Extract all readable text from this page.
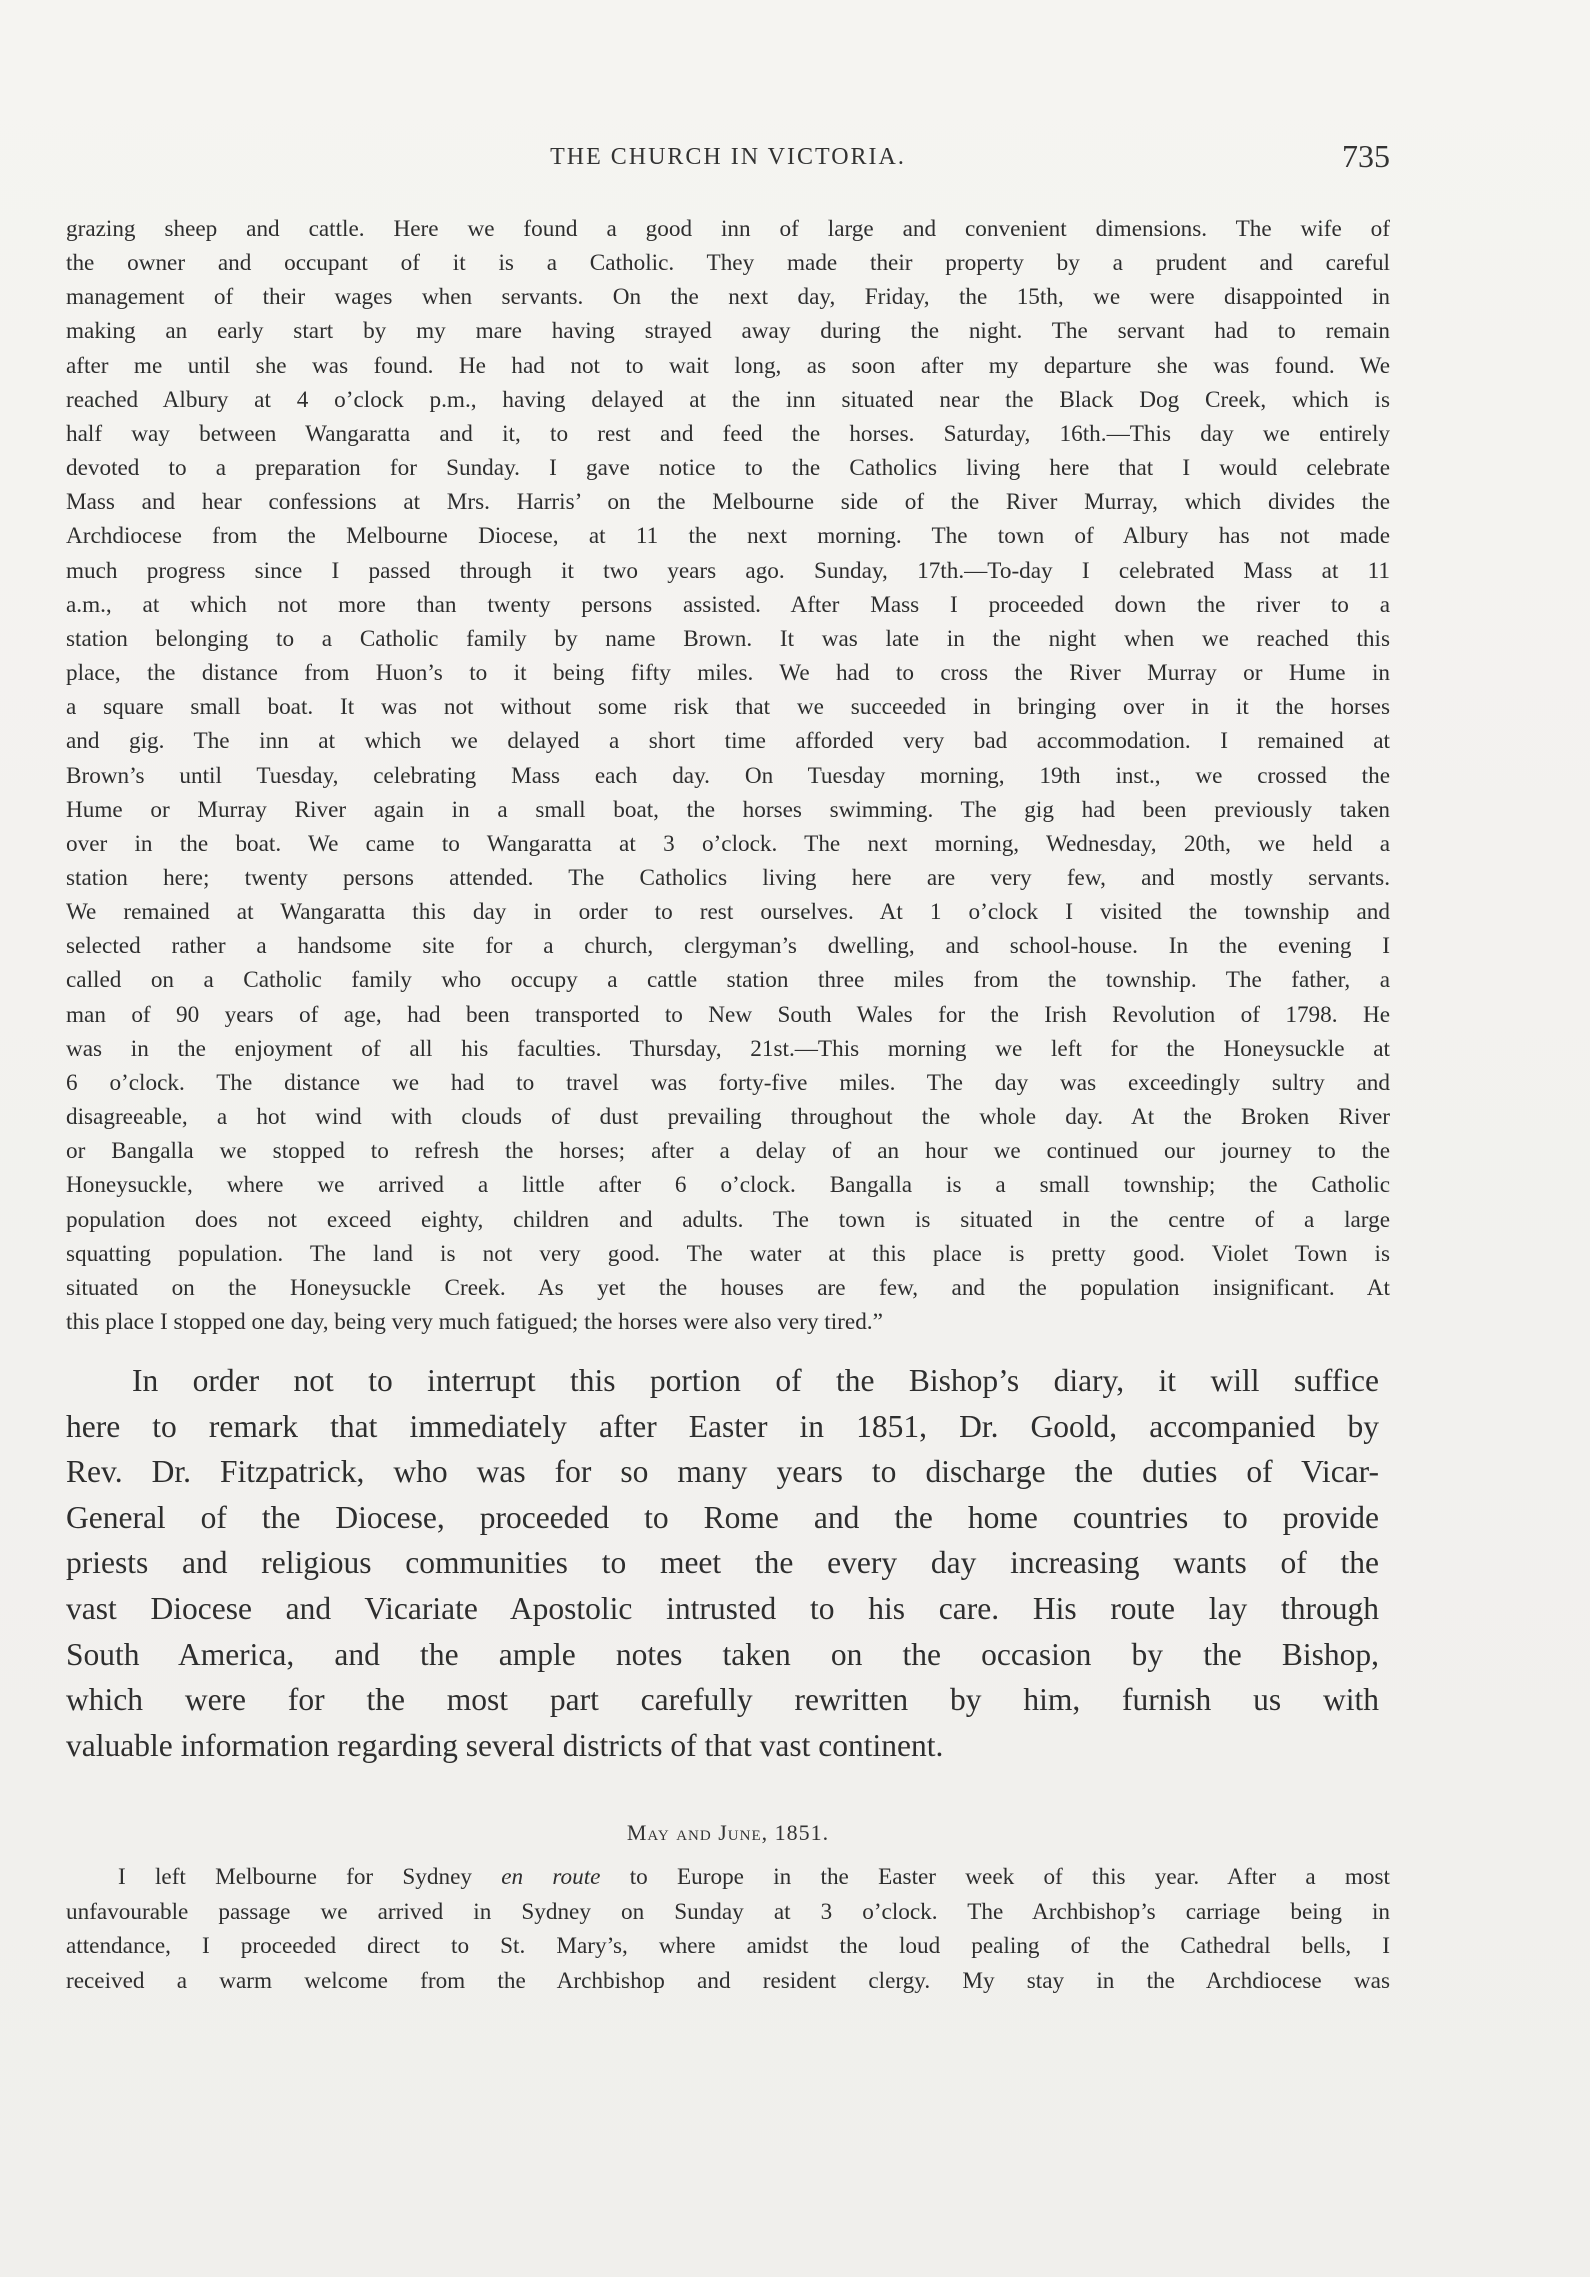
THE CHURCH IN VICTORIA.	735
grazing sheep and cattle. Here we found a good inn of large and convenient dimensions. The wife of
the owner and occupant of it is a Catholic. They made their property by a prudent and careful
management of their wages when servants. On the next day, Friday, the 15th, we were disappointed in
making an early start by my mare having strayed away during the night. The servant had to remain
after me until she was found. He had not to wait long, as soon after my departure she was found. We
reached Albury at 4 o’clock p.m., having delayed at the inn situated near the Black Dog Creek, which is
half way between Wangaratta and it, to rest and feed the horses. Saturday, 16th.—This day we entirely
devoted to a preparation for Sunday. I gave notice to the Catholics living here that I would celebrate
Mass and hear confessions at Mrs. Harris’ on the Melbourne side of the River Murray, which divides the
Archdiocese from the Melbourne Diocese, at 11 the next morning. The town of Albury has not made
much progress since I passed through it two years ago. Sunday, 17th.—To-day I celebrated Mass at 11
a.m., at which not more than twenty persons assisted. After Mass I proceeded down the river to a
station belonging to a Catholic family by name Brown. It was late in the night when we reached this
place, the distance from Huon’s to it being fifty miles. We had to cross the River Murray or Hume in
a square small boat. It was not without some risk that we succeeded in bringing over in it the horses
and gig. The inn at which we delayed a short time afforded very bad accommodation. I remained at
Brown’s until Tuesday, celebrating Mass each day. On Tuesday morning, 19th inst., we crossed the
Hume or Murray River again in a small boat, the horses swimming. The gig had been previously taken
over in the boat. We came to Wangaratta at 3 o’clock. The next morning, Wednesday, 20th, we held a
station here; twenty persons attended. The Catholics living here are very few, and mostly servants.
We remained at Wangaratta this day in order to rest ourselves. At 1 o’clock I visited the township and
selected rather a handsome site for a church, clergyman’s dwelling, and school-house. In the evening I
called on a Catholic family who occupy a cattle station three miles from the township. The father, a
man of 90 years of age, had been transported to New South Wales for the Irish Revolution of 1798. He
was in the enjoyment of all his faculties. Thursday, 21st.—This morning we left for the Honeysuckle at
6 o’clock. The distance we had to travel was forty-five miles. The day was exceedingly sultry and
disagreeable, a hot wind with clouds of dust prevailing throughout the whole day. At the Broken River
or Bangalla we stopped to refresh the horses; after a delay of an hour we continued our journey to the
Honeysuckle, where we arrived a little after 6 o’clock. Bangalla is a small township; the Catholic
population does not exceed eighty, children and adults. The town is situated in the centre of a large
squatting population. The land is not very good. The water at this place is pretty good. Violet Town is
situated on the Honeysuckle Creek. As yet the houses are few, and the population insignificant. At
this place I stopped one day, being very much fatigued; the horses were also very tired.”
In order not to interrupt this portion of the Bishop’s diary, it will suffice
here to remark that immediately after Easter in 1851, Dr. Goold, accompanied by
Rev. Dr. Fitzpatrick, who was for so many years to discharge the duties of Vicar-
General of the Diocese, proceeded to Rome and the home countries to provide
priests and religious communities to meet the every day increasing wants of the
vast Diocese and Vicariate Apostolic intrusted to his care. His route lay through
South America, and the ample notes taken on the occasion by the Bishop,
which were for the most part carefully rewritten by him, furnish us with
valuable information regarding several districts of that vast continent.
May and June, 1851.
I left Melbourne for Sydney en route to Europe in the Easter week of this year. After a most
unfavourable passage we arrived in Sydney on Sunday at 3 o’clock. The Archbishop’s carriage being in
attendance, I proceeded direct to St. Mary’s, where amidst the loud pealing of the Cathedral bells, I
received a warm welcome from the Archbishop and resident clergy. My stay in the Archdiocese was
